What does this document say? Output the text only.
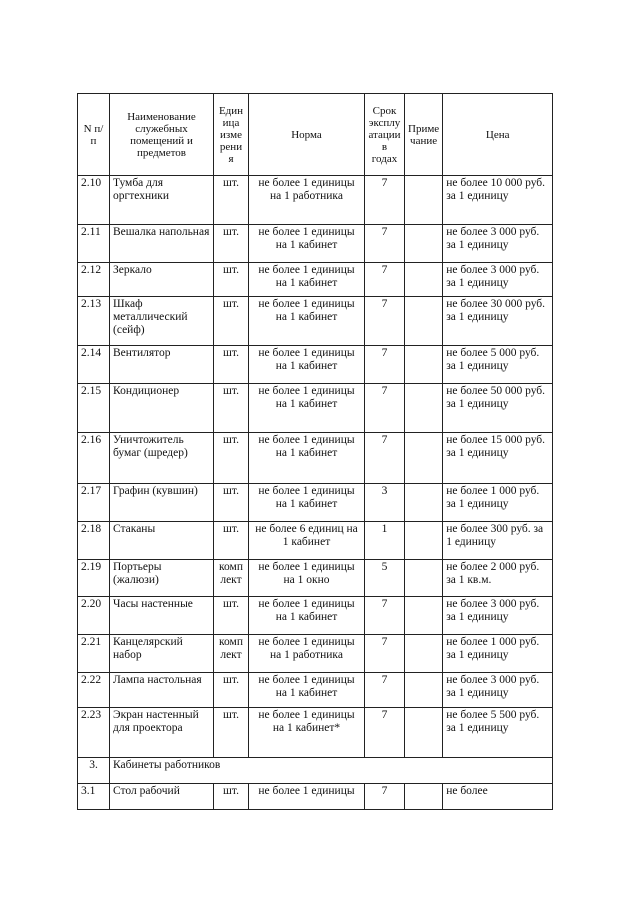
N п/п	Наименование служебных помещений и предметов	Един ица изме рени я	Норма	Срок эксплу атации в годах	Приме чание	Цена
2.10	Тумба для оргтехники	шт.	не более 1 единицы на 1 работника	7		не более 10 000 руб. за 1 единицу
2.11	Вешалка напольная	шт.	не более 1 единицы на 1 кабинет	7		не более 3 000 руб. за 1 единицу
2.12	Зеркало	шт.	не более 1 единицы на 1 кабинет	7		не более 3 000 руб. за 1 единицу
2.13	Шкаф металлический (сейф)	шт.	не более 1 единицы на 1 кабинет	7		не более 30 000 руб. за 1 единицу
2.14	Вентилятор	шт.	не более 1 единицы на 1 кабинет	7		не более 5 000 руб. за 1 единицу
2.15	Кондиционер	шт.	не более 1 единицы на 1 кабинет	7		не более 50 000 руб. за 1 единицу
2.16	Уничтожитель бумаг (шредер)	шт.	не более 1 единицы на 1 кабинет	7		не более 15 000 руб. за 1 единицу
2.17	Графин (кувшин)	шт.	не более 1 единицы на 1 кабинет	3		не более 1 000 руб. за 1 единицу
2.18	Стаканы	шт.	не более 6 единиц на 1 кабинет	1		не более 300 руб. за 1 единицу
2.19	Портьеры (жалюзи)	комп лект	не более 1 единицы на 1 окно	5		не более 2 000 руб. за 1 кв.м.
2.20	Часы настенные	шт.	не более 1 единицы на 1 кабинет	7		не более 3 000 руб. за 1 единицу
2.21	Канцелярский набор	комп лект	не более 1 единицы на 1 работника	7		не более 1 000 руб. за 1 единицу
2.22	Лампа настольная	шт.	не более 1 единицы на 1 кабинет	7		не более 3 000 руб. за 1 единицу
2.23	Экран настенный для проектора	шт.	не более 1 единицы на 1 кабинет*	7		не более 5 500 руб. за 1 единицу
3.	Кабинеты работников					
3.1	Стол рабочий	шт.	не более 1 единицы	7		не более
